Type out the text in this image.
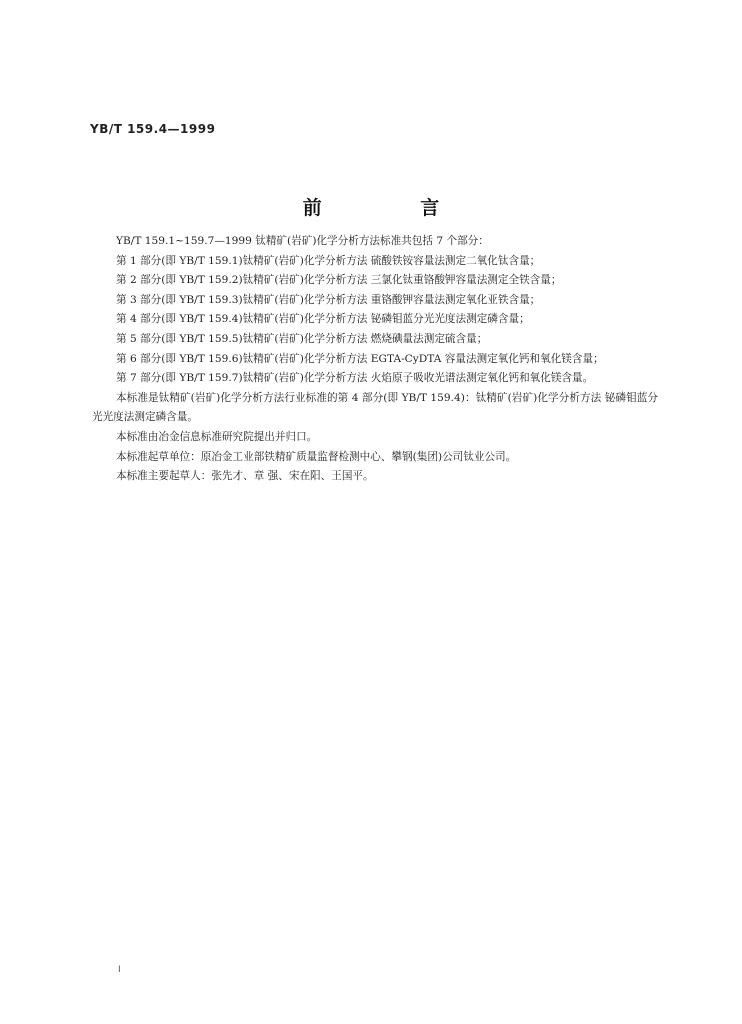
YB/T 159.4—1999
前 言

YB/T 159.1~159.7—1999 钛精矿(岩矿)化学分析方法标准共包括 7 个部分：

第 1 部分(即 YB/T 159.1)钛精矿(岩矿)化学分析方法 硫酸铁铵容量法测定二氧化钛含量；

第 2 部分(即 YB/T 159.2)钛精矿(岩矿)化学分析方法 三氯化钛重铬酸钾容量法测定全铁含量；

第 3 部分(即 YB/T 159.3)钛精矿(岩矿)化学分析方法 重铬酸钾容量法测定氧化亚铁含量；

第 4 部分(即 YB/T 159.4)钛精矿(岩矿)化学分析方法 铋磷钼蓝分光光度法测定磷含量；

第 5 部分(即 YB/T 159.5)钛精矿(岩矿)化学分析方法 燃烧碘量法测定硫含量；

第 6 部分(即 YB/T 159.6)钛精矿(岩矿)化学分析方法 EGTA-CyDTA 容量法测定氧化钙和氧化镁含量；

第 7 部分(即 YB/T 159.7)钛精矿(岩矿)化学分析方法 火焰原子吸收光谱法测定氧化钙和氧化镁含量。

本标准是钛精矿(岩矿)化学分析方法行业标准的第 4 部分(即 YB/T 159.4)：钛精矿(岩矿)化学分析方法 铋磷钼蓝分光光度法测定磷含量。

本标准由冶金信息标准研究院提出并归口。

本标准起草单位：原冶金工业部铁精矿质量监督检测中心、攀钢(集团)公司钛业公司。

本标准主要起草人：张先才、章 强、宋在阳、王国平。

I
